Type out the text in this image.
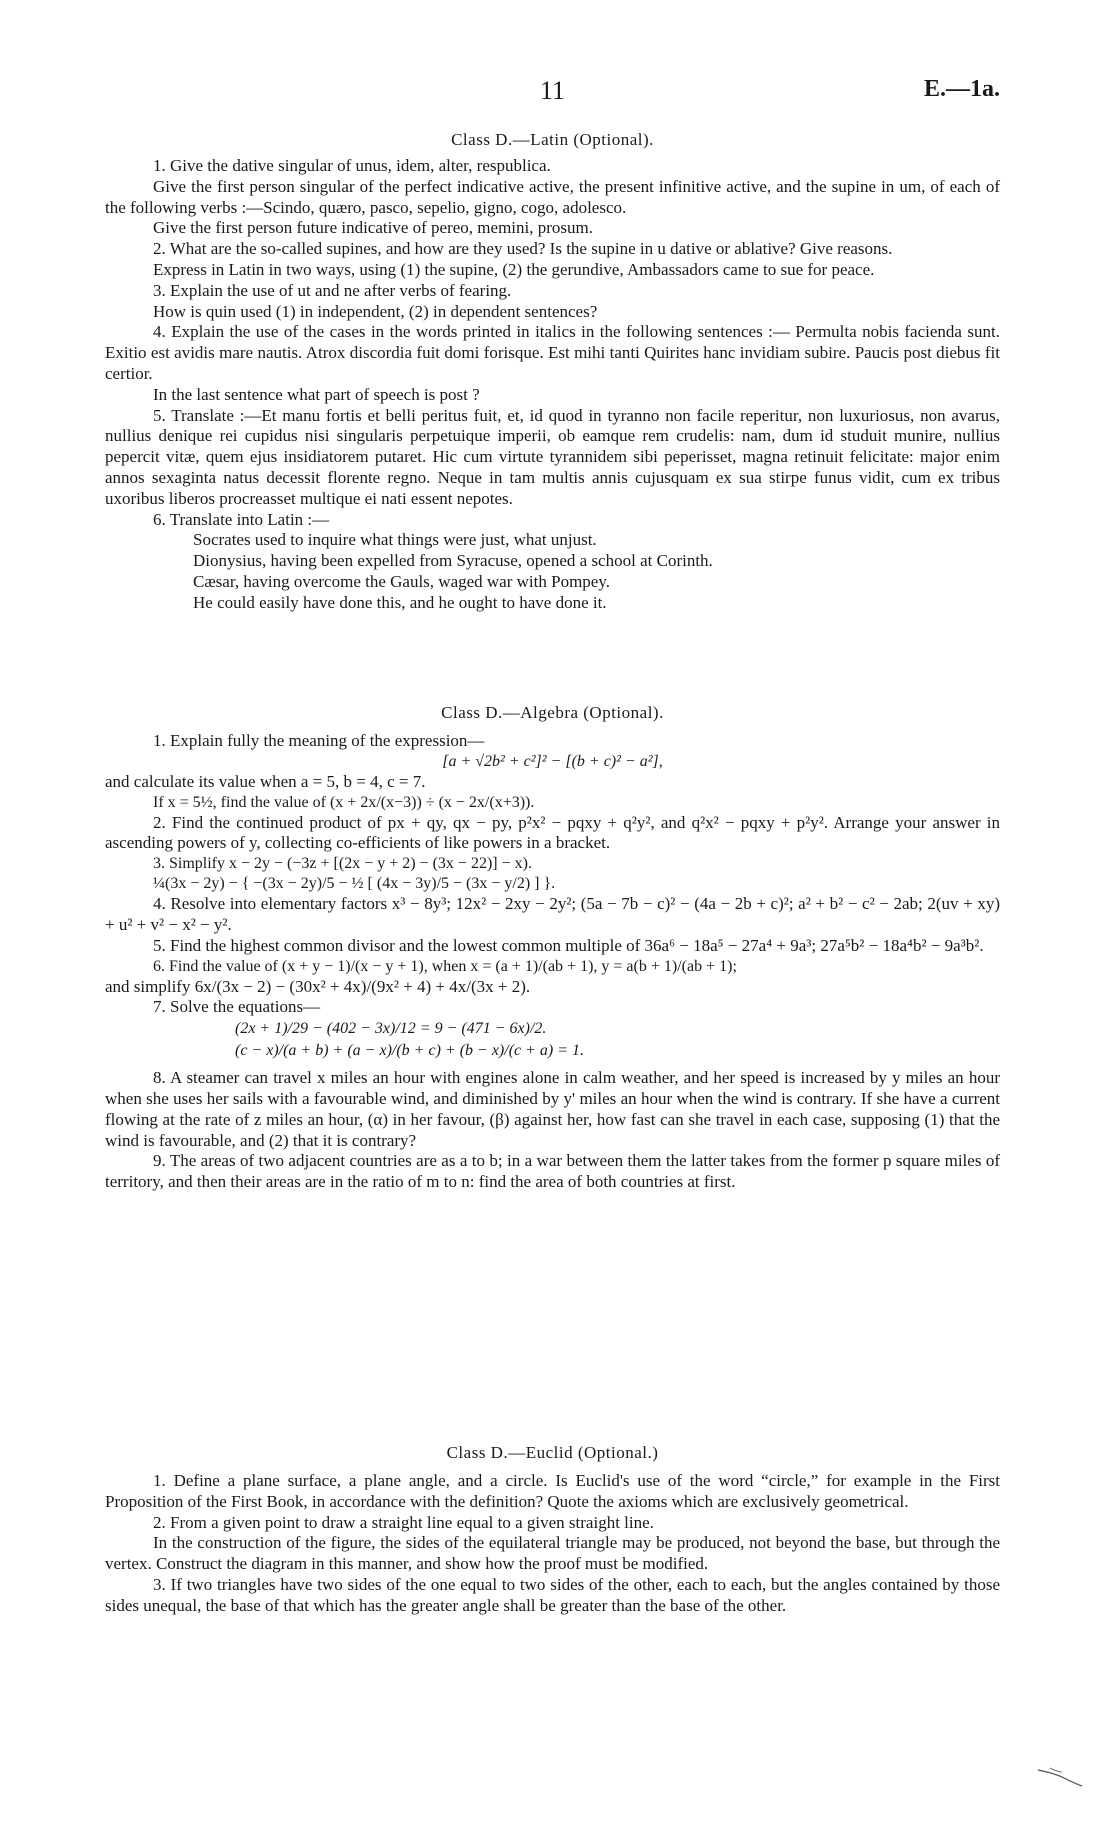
11	E.—1a.

Class D.—Latin (Optional).

1. Give the dative singular of unus, idem, alter, respublica.

Give the first person singular of the perfect indicative active, the present infinitive active, and the supine in um, of each of the following verbs :—Scindo, quæro, pasco, sepelio, gigno, cogo, adolesco.

Give the first person future indicative of pereo, memini, prosum.

2. What are the so-called supines, and how are they used? Is the supine in u dative or ablative? Give reasons.

Express in Latin in two ways, using (1) the supine, (2) the gerundive, Ambassadors came to sue for peace.

3. Explain the use of ut and ne after verbs of fearing.

How is quin used (1) in independent, (2) in dependent sentences?

4. Explain the use of the cases in the words printed in italics in the following sentences :— Permulta nobis facienda sunt. Exitio est avidis mare nautis. Atrox discordia fuit domi forisque. Est mihi tanti Quirites hanc invidiam subire. Paucis post diebus fit certior.

In the last sentence what part of speech is post ?

5. Translate :—Et manu fortis et belli peritus fuit, et, id quod in tyranno non facile reperitur, non luxuriosus, non avarus, nullius denique rei cupidus nisi singularis perpetuique imperii, ob eamque rem crudelis: nam, dum id studuit munire, nullius pepercit vitæ, quem ejus insidiatorem putaret. Hic cum virtute tyrannidem sibi peperisset, magna retinuit felicitate: major enim annos sexaginta natus decessit florente regno. Neque in tam multis annis cujusquam ex sua stirpe funus vidit, cum ex tribus uxoribus liberos procreasset multique ei nati essent nepotes.

6. Translate into Latin :—

Socrates used to inquire what things were just, what unjust.

Dionysius, having been expelled from Syracuse, opened a school at Corinth.

Cæsar, having overcome the Gauls, waged war with Pompey.

He could easily have done this, and he ought to have done it.

Class D.—Algebra (Optional).

1. Explain fully the meaning of the expression—

[a + √2b² + c²]² − [(b + c)² − a²],

and calculate its value when a = 5, b = 4, c = 7.

If x = 5½, find the value of (x + 2x/(x−3)) ÷ (x − 2x/(x+3)).

2. Find the continued product of px + qy, qx − py, p²x² − pqxy + q²y², and q²x² − pqxy + p²y². Arrange your answer in ascending powers of y, collecting co-efficients of like powers in a bracket.

3. Simplify x − 2y − (−3z + [(2x − y + 2) − (3x − 22)] − x).

¼(3x − 2y) − { −(3x − 2y)/5 − ½ [ (4x − 3y)/5 − (3x − y/2) ] }.

4. Resolve into elementary factors x³ − 8y³; 12x² − 2xy − 2y²; (5a − 7b − c)² − (4a − 2b + c)²; a² + b² − c² − 2ab; 2(uv + xy) + u² + v² − x² − y².

5. Find the highest common divisor and the lowest common multiple of 36a⁶ − 18a⁵ − 27a⁴ + 9a³; 27a⁵b² − 18a⁴b² − 9a³b².

6. Find the value of (x + y − 1)/(x − y + 1), when x = (a + 1)/(ab + 1), y = a(b + 1)/(ab + 1);

and simplify 6x/(3x − 2) − (30x² + 4x)/(9x² + 4) + 4x/(3x + 2).

7. Solve the equations—

(2x + 1)/29 − (402 − 3x)/12 = 9 − (471 − 6x)/2.

(c − x)/(a + b) + (a − x)/(b + c) + (b − x)/(c + a) = 1.

8. A steamer can travel x miles an hour with engines alone in calm weather, and her speed is increased by y miles an hour when she uses her sails with a favourable wind, and diminished by y' miles an hour when the wind is contrary. If she have a current flowing at the rate of z miles an hour, (α) in her favour, (β) against her, how fast can she travel in each case, supposing (1) that the wind is favourable, and (2) that it is contrary?

9. The areas of two adjacent countries are as a to b; in a war between them the latter takes from the former p square miles of territory, and then their areas are in the ratio of m to n: find the area of both countries at first.

Class D.—Euclid (Optional.)

1. Define a plane surface, a plane angle, and a circle. Is Euclid's use of the word “circle,” for example in the First Proposition of the First Book, in accordance with the definition? Quote the axioms which are exclusively geometrical.

2. From a given point to draw a straight line equal to a given straight line.

In the construction of the figure, the sides of the equilateral triangle may be produced, not beyond the base, but through the vertex. Construct the diagram in this manner, and show how the proof must be modified.

3. If two triangles have two sides of the one equal to two sides of the other, each to each, but the angles contained by those sides unequal, the base of that which has the greater angle shall be greater than the base of the other.
